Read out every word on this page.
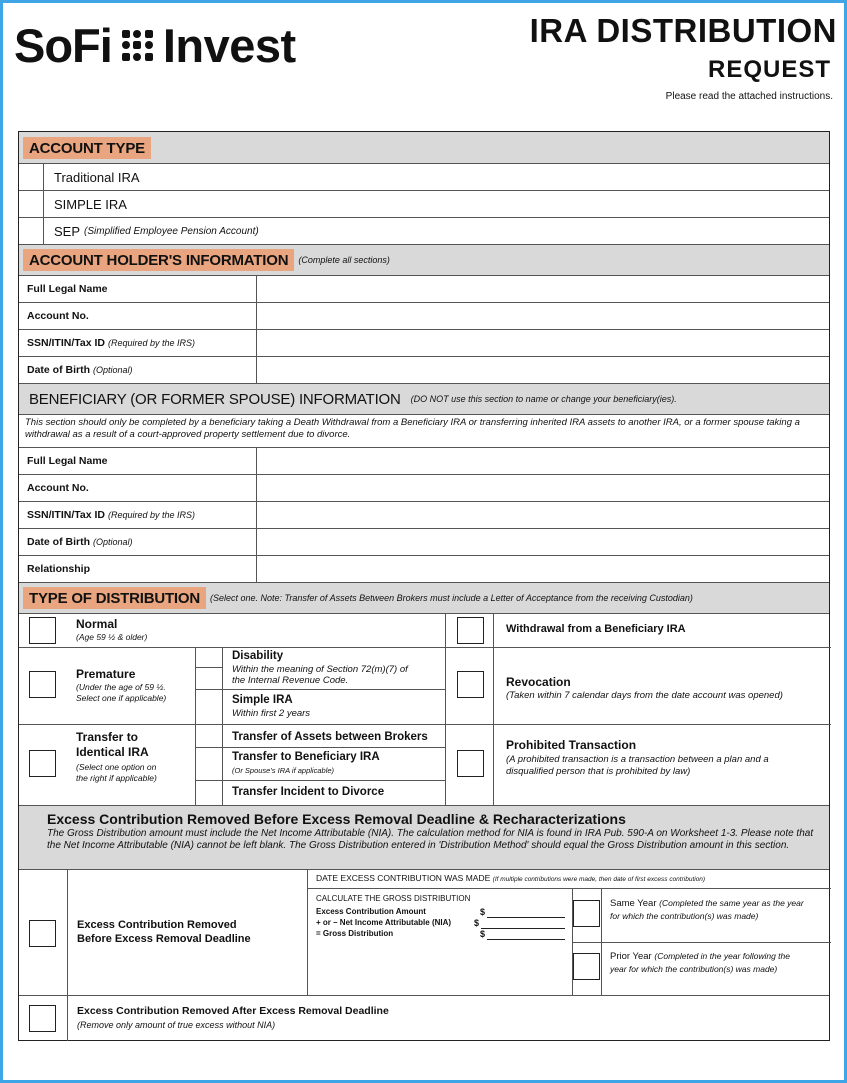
SoFi Invest	IRA DISTRIBUTION
REQUEST
Please read the attached instructions.
ACCOUNT TYPE
Traditional IRA
SIMPLE IRA
SEP (Simplified Employee Pension Account)
ACCOUNT HOLDER'S INFORMATION	(Complete all sections)
Full Legal Name
Account No.
SSN/ITIN/Tax ID (Required by the IRS)
Date of Birth (Optional)
BENEFICIARY (OR FORMER SPOUSE) INFORMATION	(DO NOT use this section to name or change your beneficiary(ies).
This section should only be completed by a beneficiary taking a Death Withdrawal from a Beneficiary IRA or transferring inherited IRA assets to another IRA, or a former spouse taking a withdrawal as a result of a court-approved property settlement due to divorce.
Full Legal Name
Account No.
SSN/ITIN/Tax ID (Required by the IRS)
Date of Birth (Optional)
Relationship
TYPE OF DISTRIBUTION	(Select one. Note: Transfer of Assets Between Brokers must include a Letter of Acceptance from the receiving Custodian)
Normal
(Age 59 ½ & older)
Withdrawal from a Beneficiary IRA
Premature
(Under the age of 59 ½.
Select one if applicable)
Disability
Within the meaning of Section 72(m)(7) of
the Internal Revenue Code.
Simple IRA
Within first 2 years
Revocation
(Taken within 7 calendar days from the date account was opened)
Transfer to
Identical IRA
(Select one option on
the right if applicable)
Transfer of Assets between Brokers
Transfer to Beneficiary IRA
(Or Spouse's IRA if applicable)
Transfer Incident to Divorce
Prohibited Transaction
(A prohibited transaction is a transaction between a plan and a
disqualified person that is prohibited by law)
Excess Contribution Removed Before Excess Removal Deadline & Recharacterizations
The Gross Distribution amount must include the Net Income Attributable (NIA). The calculation method for NIA is found in IRA Pub. 590-A on Worksheet 1-3. Please note that the Net Income Attributable (NIA) cannot be left blank. The Gross Distribution entered in 'Distribution Method' should equal the Gross Distribution amount in this section.
Excess Contribution Removed
Before Excess Removal Deadline
DATE EXCESS CONTRIBUTION WAS MADE (If multiple contributions were made, then date of first excess contribution)
CALCULATE THE GROSS DISTRIBUTION
Excess Contribution Amount	$
+ or – Net Income Attributable (NIA)	$
= Gross Distribution	$
Same Year (Completed the same year as the year
for which the contribution(s) was made)
Prior Year (Completed in the year following the
year for which the contribution(s) was made)
Excess Contribution Removed After Excess Removal Deadline
(Remove only amount of true excess without NIA)
